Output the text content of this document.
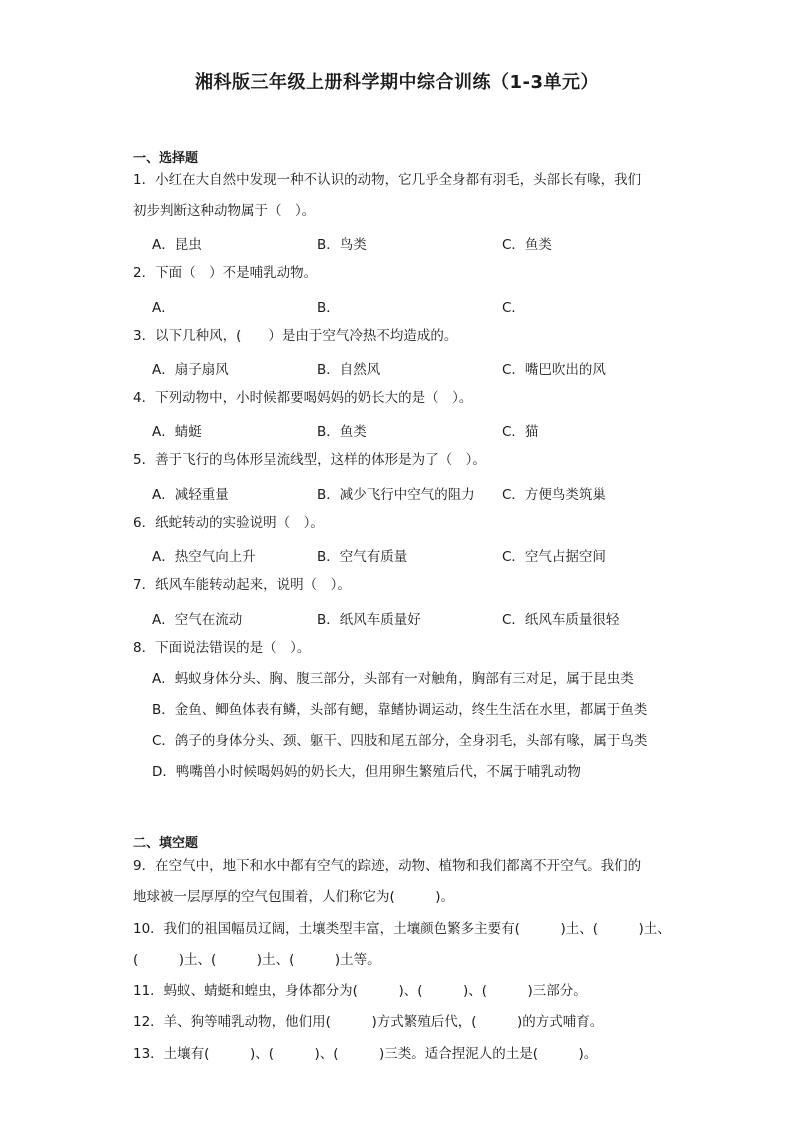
湘科版三年级上册科学期中综合训练（1-3单元）
一、选择题
1．小红在大自然中发现一种不认识的动物，它几乎全身都有羽毛，头部长有喙，我们
初步判断这种动物属于（　）。
A．昆虫	B．鸟类	C．鱼类
2．下面（　）不是哺乳动物。
A．	B．	C．
3．以下几种风，(　　）是由于空气冷热不均造成的。
A．扇子扇风	B．自然风	C．嘴巴吹出的风
4．下列动物中，小时候都要喝妈妈的奶长大的是（　）。
A．蜻蜓	B．鱼类	C．猫
5．善于飞行的鸟体形呈流线型，这样的体形是为了（　）。
A．减轻重量	B．减少飞行中空气的阻力 C．方便鸟类筑巢
6．纸蛇转动的实验说明（　）。
A．热空气向上升	B．空气有质量	C．空气占据空间
7．纸风车能转动起来，说明（　）。
A．空气在流动	B．纸风车质量好	C．纸风车质量很轻
8．下面说法错误的是（　）。
A．蚂蚁身体分头、胸、腹三部分，头部有一对触角，胸部有三对足，属于昆虫类
B．金鱼、鲫鱼体表有鳞，头部有鳃，靠鳍协调运动，终生生活在水里，都属于鱼类
C．鸽子的身体分头、颈、躯干、四肢和尾五部分，全身羽毛，头部有喙，属于鸟类
D．鸭嘴兽小时候喝妈妈的奶长大，但用卵生繁殖后代，不属于哺乳动物
二、填空题
9．在空气中，地下和水中都有空气的踪迹，动物、植物和我们都离不开空气。我们的
地球被一层厚厚的空气包围着，人们称它为(　　　)。
10．我们的祖国幅员辽阔，土壤类型丰富，土壤颜色繁多主要有(　　　)土、(　　　)土、
(　　　)土、(　　　)土、(　　　)土等。
11．蚂蚁、蜻蜓和蝗虫，身体都分为(　　　)、(　　　)、(　　　)三部分。
12．羊、狗等哺乳动物，他们用(　　　)方式繁殖后代，(　　　)的方式哺育。
13．土壤有(　　　)、(　　　)、(　　　)三类。适合捏泥人的土是(　　　)。
